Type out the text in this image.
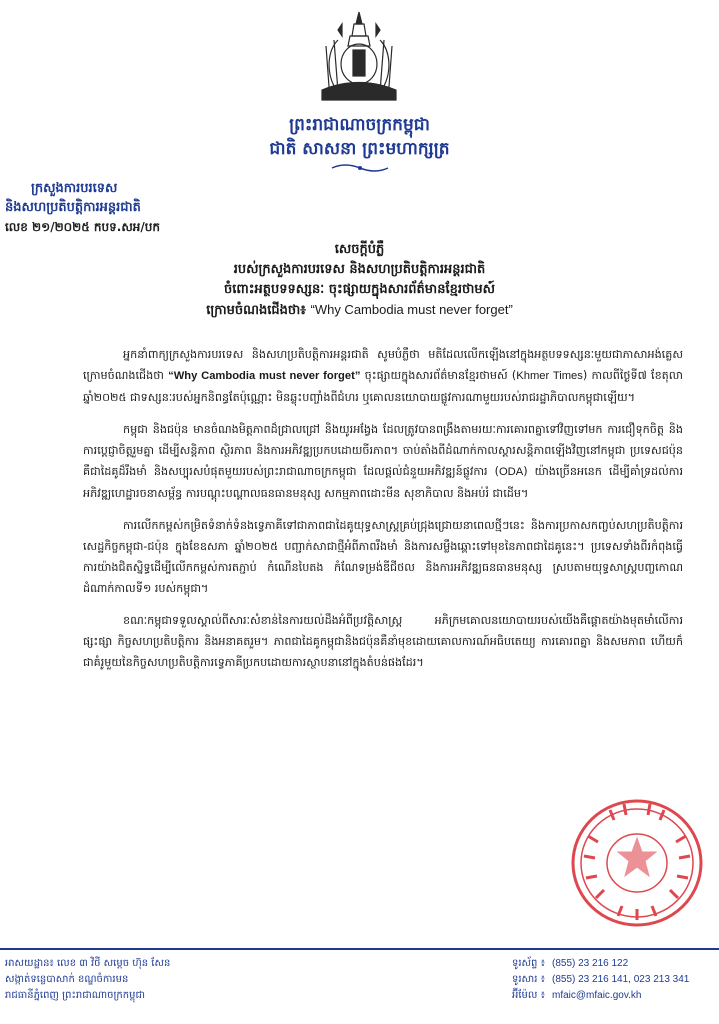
ព្រះរាជាណាចក្រកម្ពុជា
ជាតិ សាសនា ព្រះមហាក្សត្រ
ក្រសួងការបរទេស
និងសហប្រតិបត្តិការអន្តរជាតិ
លេខ ២១/២០២៥ កបទ.សអ/បក
សេចក្តីបំភ្លឺ
របស់ក្រសួងការបរទេស និងសហប្រតិបត្តិការអន្តរជាតិ
ចំពោះអត្ថបទទស្សនៈ ចុះផ្សាយក្នុងសារព័ត៌មានខ្មែរថាមស៍
ក្រោមចំណងជើងថា៖ “Why Cambodia must never forget”

អ្នកនាំពាក្យក្រសួងការបរទេស និងសហប្រតិបត្តិការអន្តរជាតិ សូមបំភ្លឺថា មតិដែលលើកឡើងនៅក្នុងអត្ថបទទស្សនៈមួយជាភាសាអង់គ្លេស ក្រោមចំណងជើងថា “Why Cambodia must never forget” ចុះផ្សាយក្នុងសារព័ត៌មានខ្មែរថាមស៍ (Khmer Times) កាលពីថ្ងៃទី៧ ខែតុលា ឆ្នាំ២០២៥ ជាទស្សនៈរបស់អ្នកនិពន្ធតែប៉ុណ្ណោះ មិនឆ្លុះបញ្ចាំងពីជំហរ ឬគោលនយោបាយផ្លូវការណាមួយរបស់រាជរដ្ឋាភិបាលកម្ពុជាឡើយ។

កម្ពុជា និងជប៉ុន មានចំណងមិត្តភាពដ៏ជ្រាលជ្រៅ និងយូរអង្វែង ដែលត្រូវបានពង្រឹងតាមរយៈការគោរពគ្នាទៅវិញទៅមក ការជឿទុកចិត្ត និងការប្តេជ្ញាចិត្តរួមគ្នា ដើម្បីសន្តិភាព ស្ថិរភាព និងការអភិវឌ្ឍប្រកបដោយចីរភាព។ ចាប់តាំងពីដំណាក់កាលស្តារសន្តិភាពឡើងវិញនៅកម្ពុជា ប្រទេសជប៉ុនគឺជាដៃគូដ៏រឹងមាំ និងសប្បុរសបំផុតមួយរបស់ព្រះរាជាណាចក្រកម្ពុជា ដែលផ្តល់ជំនួយអភិវឌ្ឍន៍ផ្លូវការ (ODA) យ៉ាងច្រើនអនេក ដើម្បីគាំទ្រដល់ការអភិវឌ្ឍហេដ្ឋារចនាសម្ព័ន្ធ ការបណ្តុះបណ្តាលធនធានមនុស្ស សកម្មភាពដោះមីន សុខាភិបាល និងអប់រំ ជាដើម។

ការលើកកម្ពស់កម្រិតទំនាក់ទំនងទ្វេភាគីទៅជាភាពជាដៃគូយុទ្ធសាស្ត្រគ្រប់ជ្រុងជ្រោយនាពេលថ្មីៗនេះ និងការប្រកាសកញ្ចប់សហប្រតិបត្តិការសេដ្ឋកិច្ចកម្ពុជា-ជប៉ុន ក្នុងខែឧសភា ឆ្នាំ២០២៥ បញ្ជាក់សាជាថ្មីអំពីភាពរឹងមាំ និងការសម្លឹងឆ្ពោះទៅមុខនៃភាពជាដៃគូនេះ។ ប្រទេសទាំងពីរកំពុងធ្វើការយ៉ាងជិតស្និទ្ធដើម្បីលើកកម្ពស់ការតភ្ជាប់ កំណើនបៃតង កំណែទម្រង់ឌីជីថល និងការអភិវឌ្ឍធនធានមនុស្ស ស្របតាមយុទ្ធសាស្ត្របញ្ចកោណដំណាក់កាលទី១ របស់កម្ពុជា។

ខណៈកម្ពុជាទទួលស្គាល់ពីសារៈសំខាន់នៃការយល់ដឹងអំពីប្រវត្តិសាស្ត្រ អភិក្រមគោលនយោបាយរបស់យើងគឺផ្តោតយ៉ាងមុតមាំលើការផ្សះផ្សា កិច្ចសហប្រតិបត្តិការ និងអនាគតរួម។ ភាពជាដៃគូកម្ពុជានិងជប៉ុនគឺនាំមុខដោយគោលការណ៍អធិបតេយ្យ ការគោរពគ្នា និងសមភាព ហើយក៏ជាគំរូមួយនៃកិច្ចសហប្រតិបត្តិការទ្វេភាគីប្រកបដោយការស្ថាបនានៅក្នុងតំបន់ផងដែរ។

អាសយដ្ឋាន៖ លេខ ៣ វិថី សម្តេច ហ៊ុន សែន
សង្កាត់ទន្លេបាសាក់ ខណ្ឌចំការមន
រាជធានីភ្នំពេញ ព្រះរាជាណាចក្រកម្ពុជា
ទូរស័ព្ទ ៖ (855) 23 216 122
ទូរសារ ៖ (855) 23 216 141, 023 213 341
អ៊ីម៉ែល ៖ mfaic@mfaic.gov.kh
